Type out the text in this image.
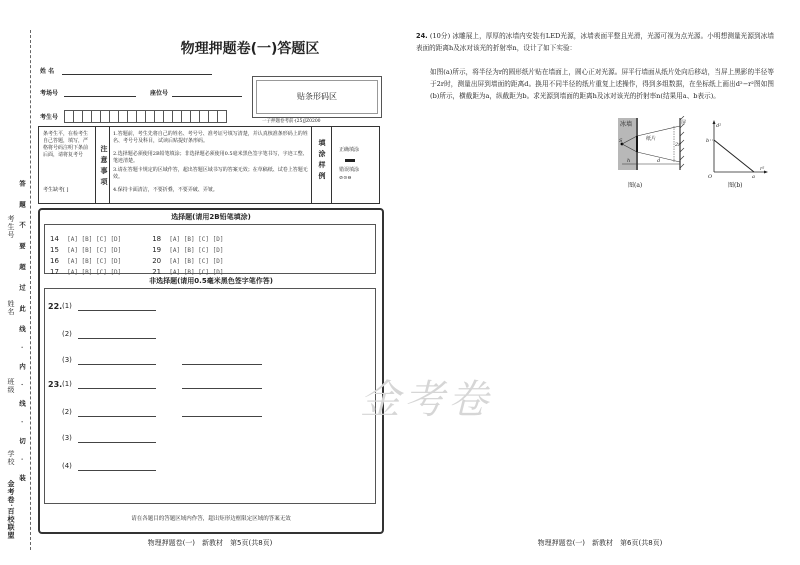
考生号
姓名
班级
学校
金考卷·百校联盟
答 題 不 要 超 过 此 线 · 内 · 线 · 切 · 装
物理押题卷(一)答题区
姓 名
考场号	座位号
考生号
贴条形码区
一子押题卷考前·(25)JZ0200
条考生平，在检考生自己答题，填写，严格将号码注明下条前后面，请将复考号
考生缺考[ ]
注意事项
1.答题前，考生先将自己的姓名、考号号、准考证号填写清楚，并认真核准条形码上的姓名、考号号及科目，试读后贴提好条形码。
2.选择题必须使用2B铅笔填涂；非选择题必须使用0.5毫米黑色签字笔书写，字迹工整、笔迹清楚。
3.请在答题卡规定的区域作答，超出答题区域书写的答案无效；在草稿纸、试卷上答题无效。
4.保持卡面清洁，不要折叠，不要弄破、弄皱。
填涂样例 正确填涂
错误填涂
⊘⊙⊖
选择题(请用2B铅笔填涂)
14 [A] [B] [C] [D]	18 [A] [B] [C] [D]
15 [A] [B] [C] [D]	19 [A] [B] [C] [D]
16 [A] [B] [C] [D]	20 [A] [B] [C] [D]
17 [A] [B] [C] [D]	21 [A] [B] [C] [D]
非选择题(请用0.5毫米黑色签字笔作答)
22. (1)
(2)
(3)
23. (1)
(2)
(3)
(4)
请在各题目的答题区域内作答，超出矩形边框限定区域的答案无效
物理押题卷(一)　新教材　第5页(共8页)
金考卷
24. (10分) 冰雕展上，厚厚的冰墙内安装有LED光源，冰墙表面平整且光滑，光源可视为点光源。小明想测量光源到冰墙表面的距离h及冰对该光的折射率n，设计了如下实验：
如图(a)所示，将半径为r的圆形纸片贴在墙面上，圆心正对光源。屏平行墙面从纸片处向后移动，当屏上黑影的半径等于2r时，测量出屏到墙面的距离d。换用不同半径的纸片重复上述操作，得到多组数据，在坐标纸上画出d²−r²图如图(b)所示，横截距为a，纵截距为b。求光源到墙面的距离h及冰对该光的折射率n(结果用a、b表示)。
冰墙	屏
纸片
S
h	d
2r
图(a)
d²
r²
O	a
b
图(b)
物理押题卷(一)　新教材　第6页(共8页)
